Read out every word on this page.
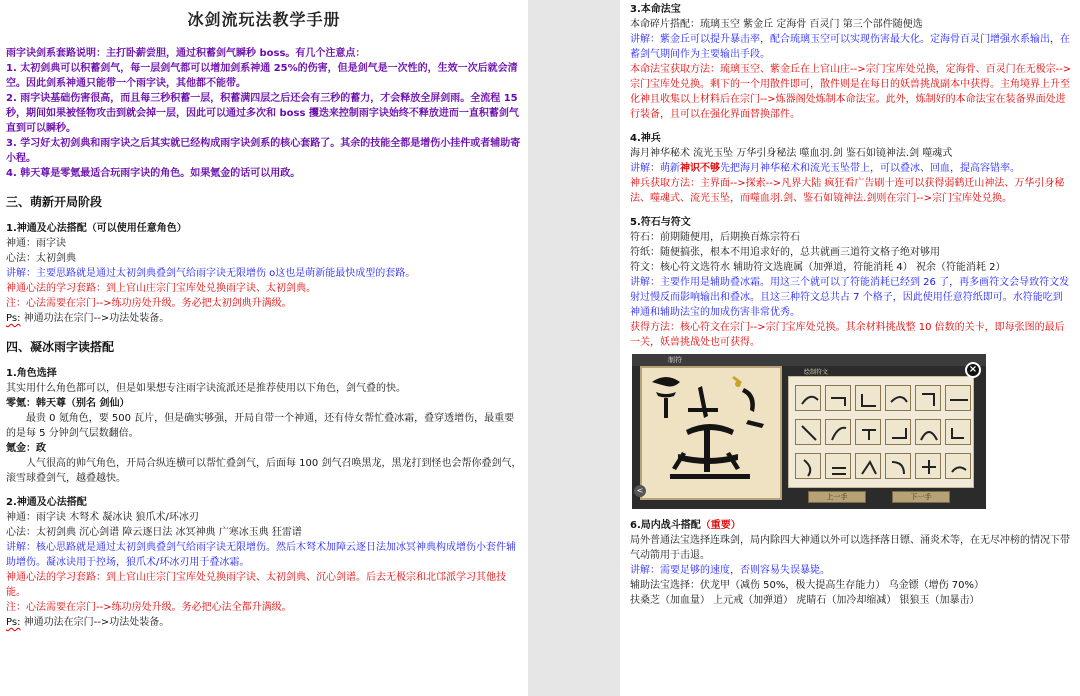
冰剑流玩法教学手册

雨字诀剑系套路说明：主打卧薪尝胆，通过积蓄剑气瞬秒 boss。有几个注意点：

1. 太初剑典可以积蓄剑气，每一层剑气都可以增加剑系神通 25%的伤害，但是剑气是一次性的，生效一次后就会清空。因此剑系神通只能带一个雨字诀，其他都不能带。

2. 雨字诀基础伤害很高，而且每三秒积蓄一层，积蓄满四层之后还会有三秒的蓄力，才会释放全屏剑雨。全流程 15 秒，期间如果被怪物攻击到就会掉一层，因此可以通过多次和 boss 攫迭来控制雨字诀始终不释放进而一直积蓄剑气直到可以瞬秒。

3. 学习好太初剑典和雨字诀之后其实就已经构成雨字诀剑系的核心套路了。其余的技能全都是增伤小挂件或者辅助寄小程。

4. 韩天尊是零氪最适合玩雨字诀的角色。如果氪金的话可以用政。

三、萌新开局阶段

1.神通及心法搭配（可以使用任意角色）

神通：雨字诀

心法：太初剑典

讲解：主要思路就是通过太初剑典叠剑气给雨字诀无限增伤 o这也是萌新能最快成型的套路。

神通心法的学习套路：到上官山庄宗门宝库处兑换雨字诀、太初剑典。

注：心法需要在宗门-->练功房处升级。务必把太初剑典升满级。

Ps: 神通功法在宗门-->功法处装备。

四、凝冰雨字读搭配

1.角色选择

其实用什么角色都可以，但是如果想专注雨字诀流派还是推荐使用以下角色，剑气叠的快。

零氪：韩天尊（别名 剑仙）

最贵 0 氪角色，要 500 瓦片，但是确实够强，开局自带一个神通，还有侍女帮忙叠冰霜，叠穿透增伤，最重要的是每 5 分钟剑气层数翻倍。

氪金：政

人气很高的帅气角色，开局合纵连横可以帮忙叠剑气，后面每 100 剑气召唤黑龙，黑龙打到怪也会帮你叠剑气，滚雪球叠剑气，越叠越快。

2.神通及心法搭配

神通：雨字诀 木弩术 凝冰诀 狼爪术/环冰刃

心法：太初剑典 沉心剑谱 障云逐日法 冰冥神典 广寒冰玉典 狂雷谱

讲解：核心思路就是通过太初剑典叠剑气给雨字诀无限增伤。然后木弩术加障云逐日法加冰冥神典构成增伤小套件辅助增伤。凝冰诀用于控场，狼爪术/环冰刃用于叠冰霜。

神通心法的学习套路：到上官山庄宗门宝库处兑换雨字诀、太初剑典、沉心剑谱。后去无极宗和北邙派学习其他技能。

注：心法需要在宗门-->练功房处升级。务必把心法全都升满级。

Ps: 神通功法在宗门-->功法处装备。

3.本命法宝

本命碎片搭配：琉璃玉空 紫金丘 定海骨 百灵门 第三个部件随便选

讲解：紫金丘可以提升暴击率，配合琉璃玉空可以实现伤害最大化。定海骨百灵门增强水系输出，在蓄剑气期间作为主要输出手段。

本命法宝获取方法：琉璃玉空、紫金丘在上官山庄-->宗门宝库处兑换，定海骨、百灵门在无极宗-->宗门宝库处兑换。剩下的一个用散件即可，散件则是在每日的妖兽挑战副本中获得。主角境界上升至化神且收集以上材料后在宗门-->炼器阁处炼制本命法宝。此外，炼制好的本命法宝在装备界面处进行装备，且可以在强化界面替换部件。

4.神兵

海月神华秘术 流光玉坠 万华引身秘法 噬血羽.剑 鉴石如镜神法.剑 噬魂式

讲解：萌新神识不够先把海月神华秘术和流光玉坠带上，可以叠冰、回血，提高容错率。

神兵获取方法：主界面-->探索-->凡界大陆 疯狂看广告刷十连可以获得弱鹤迁山神法、万华引身秘法、噬魂式、流光玉坠，而噬血羽.剑、鉴石如镜神法.剑则在宗门-->宗门宝库处兑换。

5.符石与符文

符石：前期随便用，后期换百炼宗符石

符纸：随便搞张，根本不用追求好的，总共就画三道符文格子绝对够用

符文：核心符文选符水 辅助符文选鹿属（加弹道，符能消耗 4） 祝余（符能消耗 2）

讲解：主要作用是辅助叠冰霜。用这三个就可以了符能消耗已经到 26 了，再多画符文会导致符文发射过慢反而影响输出和叠冰。且这三种符文总共占 7 个格子，因此使用任意符纸即可。水符能吃到神通和辅助法宝的加成伤害非常优秀。

获得方法：核心符文在宗门-->宗门宝库处兑换。其余材料挑战整 10 倍数的关卡，即每张图的最后一关，妖兽挑战处也可获得。

制符
绘制符文
上一手	下一手
×
<

6.局内战斗搭配（重要）

局外普通法宝选择连珠剑，局内除四大神通以外可以选择落日镖、涌炎术等，在无尽冲榜的情况下带气动箭用于击退。

讲解：需要足够的速度，否则容易失误暴毙。

辅助法宝选择：伏龙甲（减伤 50%，极大提高生存能力） 乌金镖（增伤 70%）

扶桑芝（加血量） 上元戒（加弹道） 虎睛石（加冷却缩减） 银狼玉（加暴击）
